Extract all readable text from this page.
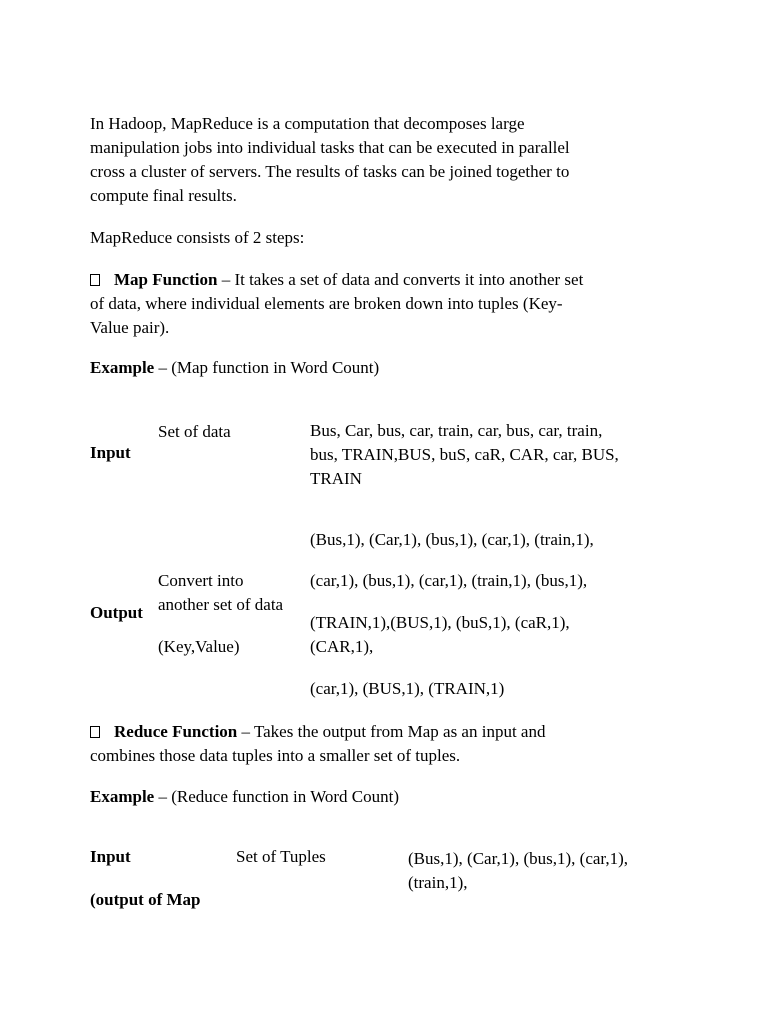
In Hadoop, MapReduce is a computation that decomposes large
manipulation jobs into individual tasks that can be executed in parallel
cross a cluster of servers. The results of tasks can be joined together to
compute final results.
MapReduce consists of 2 steps:
Map Function – It takes a set of data and converts it into another set
of data, where individual elements are broken down into tuples (Key-
Value pair).
Example – (Map function in Word Count)
Input
Set of data	Bus, Car, bus, car, train, car, bus, car, train,
bus, TRAIN,BUS, buS, caR, CAR, car, BUS,
TRAIN
Output
Convert into
another set of data
(Key,Value)
(Bus,1), (Car,1), (bus,1), (car,1), (train,1),
(car,1), (bus,1), (car,1), (train,1), (bus,1),
(TRAIN,1),(BUS,1), (buS,1), (caR,1),
(CAR,1),
(car,1), (BUS,1), (TRAIN,1)
Reduce Function – Takes the output from Map as an input and
combines those data tuples into a smaller set of tuples.
Example – (Reduce function in Word Count)
Input
(output of Map
Set of Tuples	(Bus,1), (Car,1), (bus,1), (car,1),
(train,1),
